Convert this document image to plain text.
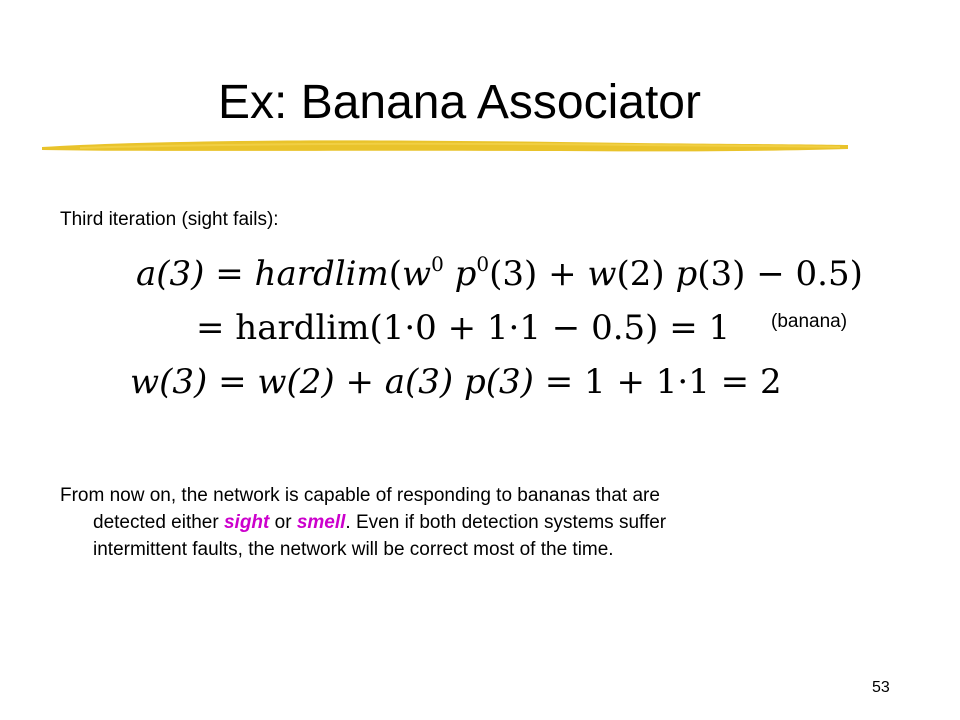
Ex: Banana Associator
Third iteration (sight fails):
$a(3) = hardlim(w^0$ $p^0(3) + w(2) p(3) - 0.5$)
= hardlim(1·0 + 1·1 − 0.5) = 1
w(3) = w(2) + a(3) p(3) = 1 + 1·1 = 2
(banana)

From now on, the network is capable of responding to bananas that are
detected either sight or smell. Even if both detection systems suffer
intermittent faults, the network will be correct most of the time.

53
